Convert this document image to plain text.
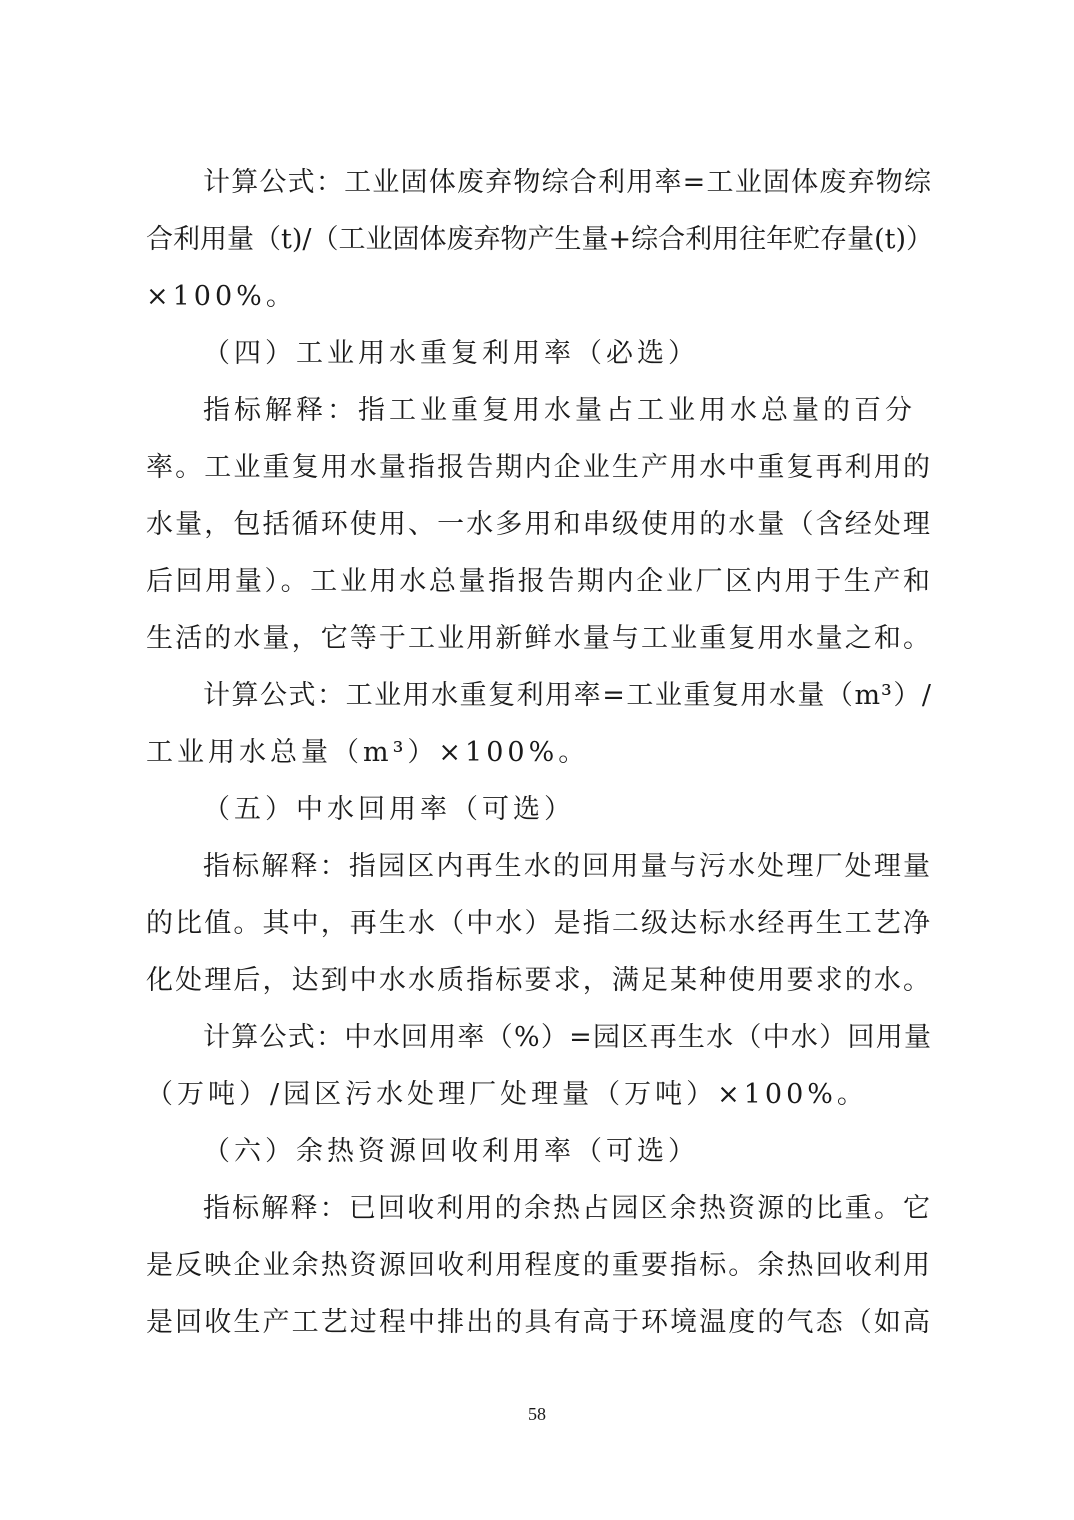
计算公式：工业固体废弃物综合利用率=工业固体废弃物综
合利用量（t)/（工业固体废弃物产生量+综合利用往年贮存量(t)）
×100%。
（四）工业用水重复利用率（必选）
指标解释：指工业重复用水量占工业用水总量的百分
率。工业重复用水量指报告期内企业生产用水中重复再利用的
水量，包括循环使用、一水多用和串级使用的水量（含经处理
后回用量）。工业用水总量指报告期内企业厂区内用于生产和
生活的水量，它等于工业用新鲜水量与工业重复用水量之和。
计算公式：工业用水重复利用率=工业重复用水量（m³）/
工业用水总量（m³）×100%。
（五）中水回用率（可选）
指标解释：指园区内再生水的回用量与污水处理厂处理量
的比值。其中，再生水（中水）是指二级达标水经再生工艺净
化处理后，达到中水水质指标要求，满足某种使用要求的水。
计算公式：中水回用率（%）=园区再生水（中水）回用量
（万吨）/园区污水处理厂处理量（万吨）×100%。
（六）余热资源回收利用率（可选）
指标解释：已回收利用的余热占园区余热资源的比重。它
是反映企业余热资源回收利用程度的重要指标。余热回收利用
是回收生产工艺过程中排出的具有高于环境温度的气态（如高
58
